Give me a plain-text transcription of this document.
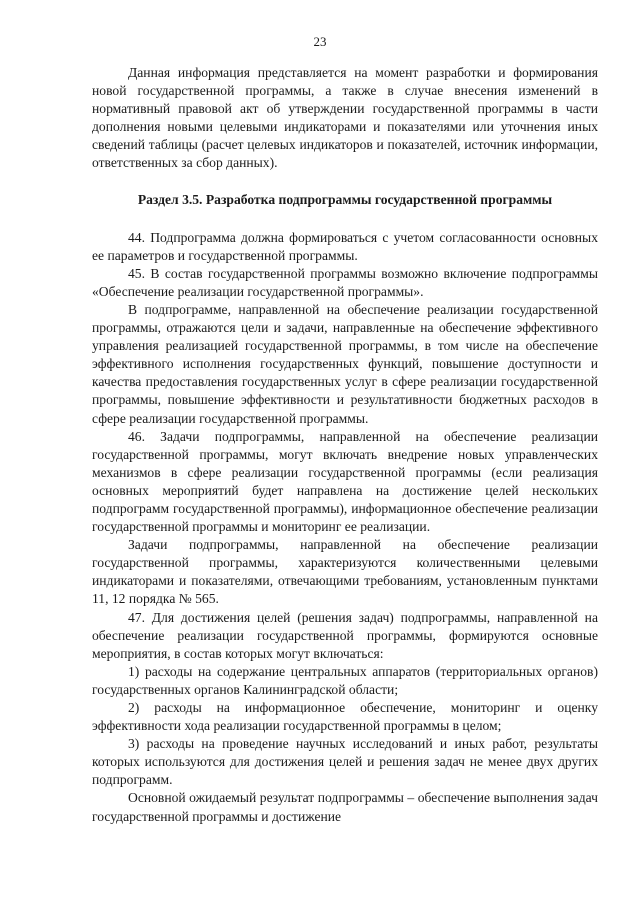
23

Данная информация представляется на момент разработки и формирования новой государственной программы, а также в случае внесения изменений в нормативный правовой акт об утверждении государственной программы в части дополнения новыми целевыми индикаторами и показателями или уточнения иных сведений таблицы (расчет целевых индикаторов и показателей, источник информации, ответственных за сбор данных).

Раздел 3.5. Разработка подпрограммы государственной программы

44. Подпрограмма должна формироваться с учетом согласованности основных ее параметров и государственной программы.

45. В состав государственной программы возможно включение подпрограммы «Обеспечение реализации государственной программы».

В подпрограмме, направленной на обеспечение реализации государственной программы, отражаются цели и задачи, направленные на обеспечение эффективного управления реализацией государственной программы, в том числе на обеспечение эффективного исполнения государственных функций, повышение доступности и качества предоставления государственных услуг в сфере реализации государственной программы, повышение эффективности и результативности бюджетных расходов в сфере реализации государственной программы.

46. Задачи подпрограммы, направленной на обеспечение реализации государственной программы, могут включать внедрение новых управленческих механизмов в сфере реализации государственной программы (если реализация основных мероприятий будет направлена на достижение целей нескольких подпрограмм государственной программы), информационное обеспечение реализации государственной программы и мониторинг ее реализации.

Задачи подпрограммы, направленной на обеспечение реализации государственной программы, характеризуются количественными целевыми индикаторами и показателями, отвечающими требованиям, установленным пунктами 11, 12 порядка № 565.

47. Для достижения целей (решения задач) подпрограммы, направленной на обеспечение реализации государственной программы, формируются основные мероприятия, в состав которых могут включаться:

1) расходы на содержание центральных аппаратов (территориальных органов) государственных органов Калининградской области;

2) расходы на информационное обеспечение, мониторинг и оценку эффективности хода реализации государственной программы в целом;

3) расходы на проведение научных исследований и иных работ, результаты которых используются для достижения целей и решения задач не менее двух других подпрограмм.

Основной ожидаемый результат подпрограммы – обеспечение выполнения задач государственной программы и достижение
